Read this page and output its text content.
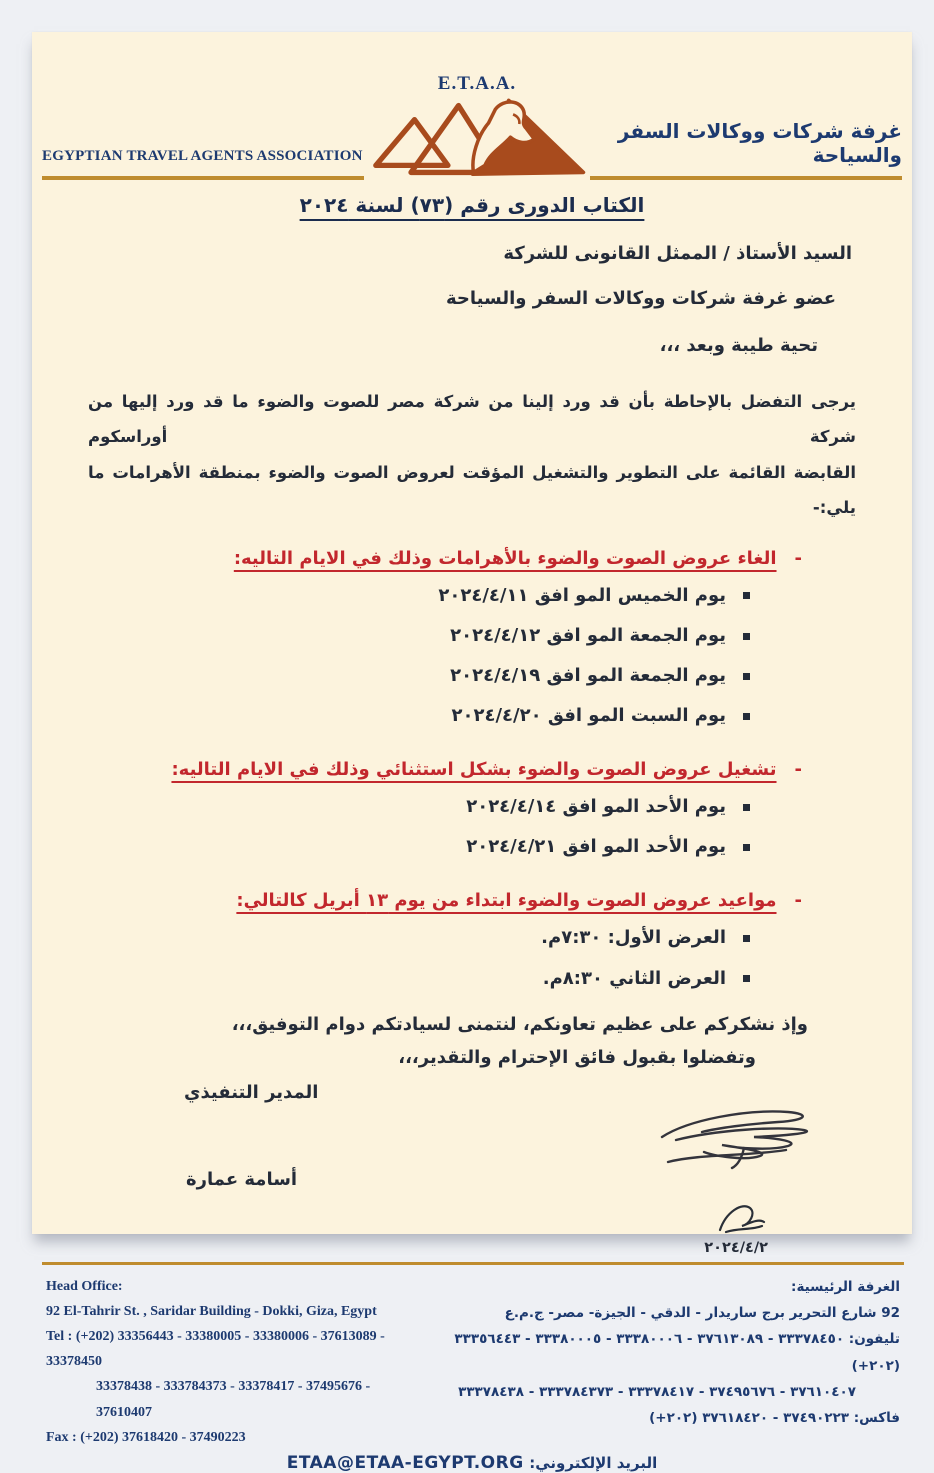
EGYPTIAN TRAVEL AGENTS ASSOCIATION
E.T.A.A.
غرفة شركات ووكالات السفر والسياحة
الكتاب الدورى رقم (٧٣) لسنة ٢٠٢٤
السيد الأستاذ / الممثل القانونى للشركة
عضو غرفة شركات ووكالات السفر والسياحة
تحية طيبة وبعد ،،،
يرجى التفضل بالإحاطة بأن قد ورد إلينا من شركة مصر للصوت والضوء ما قد ورد إليها من شركة أوراسكوم
القابضة القائمة على التطوير والتشغيل المؤقت لعروض الصوت والضوء بمنطقة الأهرامات ما يلي:-
-
الغاء عروض الصوت والضوء بالأهرامات وذلك في الايام التاليه:
يوم الخميس المو افق ٢٠٢٤/٤/١١
يوم الجمعة المو افق ٢٠٢٤/٤/١٢
يوم الجمعة المو افق ٢٠٢٤/٤/١٩
يوم السبت المو افق ٢٠٢٤/٤/٢٠
-
تشغيل عروض الصوت والضوء بشكل استثنائي وذلك في الايام التاليه:
يوم الأحد المو افق ٢٠٢٤/٤/١٤
يوم الأحد المو افق ٢٠٢٤/٤/٢١
-
مواعيد عروض الصوت والضوء ابتداء من يوم ١٣ أبريل كالتالي:
العرض الأول: ٧:٣٠م.
العرض الثاني ٨:٣٠م.
وإذ نشكركم على عظيم تعاونكم، لنتمنى لسيادتكم دوام التوفيق،،،
وتفضلوا بقبول فائق الإحترام والتقدير،،،
المدير التنفيذي
أسامة عمارة
٢٠٢٤/٤/٢
Head Office:
92 El-Tahrir St. , Saridar Building - Dokki, Giza, Egypt
Tel : (+202) 33356443 - 33380005 - 33380006 - 37613089 - 33378450
33378438 - 333784373 - 33378417 - 37495676 - 37610407
Fax : (+202) 37618420 - 37490223
الغرفة الرئيسية:
92 شارع التحرير برج ساريدار - الدقي - الجيزة- مصر- ج.م.ع
تليفون: ٣٣٣٧٨٤٥٠ - ٣٧٦١٣٠٨٩ - ٣٣٣٨٠٠٠٦ - ٣٣٣٨٠٠٠٥ - ٣٣٣٥٦٤٤٣ ⁦(+٢٠٢)⁩
٣٧٦١٠٤٠٧ - ٣٧٤٩٥٦٧٦ - ٣٣٣٧٨٤١٧ - ٣٣٣٧٨٤٣٧٣ - ٣٣٣٧٨٤٣٨
فاكس: ٣٧٤٩٠٢٢٣ - ٣٧٦١٨٤٢٠ ⁦(+٢٠٢)⁩
البريد الإلكتروني: ETAA@ETAA-EGYPT.ORG
